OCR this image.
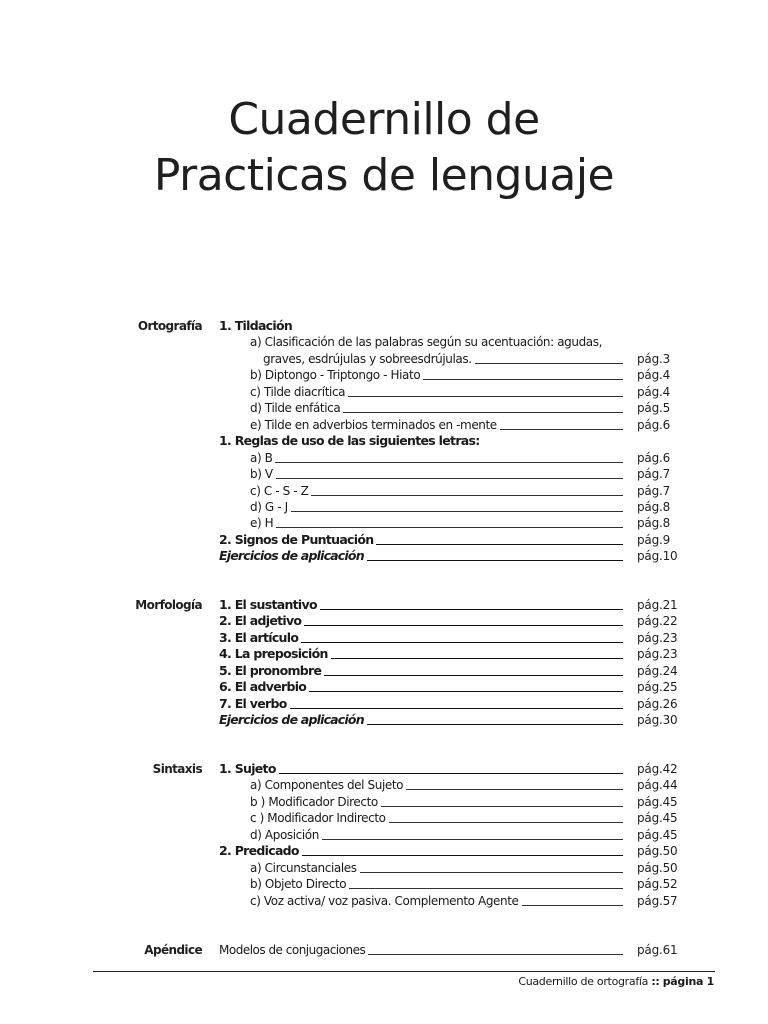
Cuadernillo de
Practicas de lenguaje
Ortografía 1. Tildación
a) Clasificación de las palabras según su acentuación: agudas,
graves, esdrújulas y sobreesdrújulas.	pág.3
b) Diptongo - Triptongo - Hiato	pág.4
c) Tilde diacrítica	pág.4
d) Tilde enfática	pág.5
e) Tilde en adverbios terminados en -mente	pág.6
1. Reglas de uso de las siguientes letras:
a) B	pág.6
b) V	pág.7
c) C - S - Z	pág.7
d) G - J	pág.8
e) H	pág.8
2. Signos de Puntuación	pág.9
Ejercicios de aplicación	pág.10
Morfología 1. El sustantivo	pág.21
2. El adjetivo	pág.22
3. El artículo	pág.23
4. La preposición	pág.23
5. El pronombre	pág.24
6. El adverbio	pág.25
7. El verbo	pág.26
Ejercicios de aplicación	pág.30
Sintaxis 1. Sujeto	pág.42
a) Componentes del Sujeto	pág.44
b ) Modificador Directo	pág.45
c ) Modificador Indirecto	pág.45
d) Aposición	pág.45
2. Predicado	pág.50
a) Circunstanciales	pág.50
b) Objeto Directo	pág.52
c) Voz activa/ voz pasiva. Complemento Agente	pág.57
Apéndice Modelos de conjugaciones	pág.61
Cuadernillo de ortografía :: página 1
